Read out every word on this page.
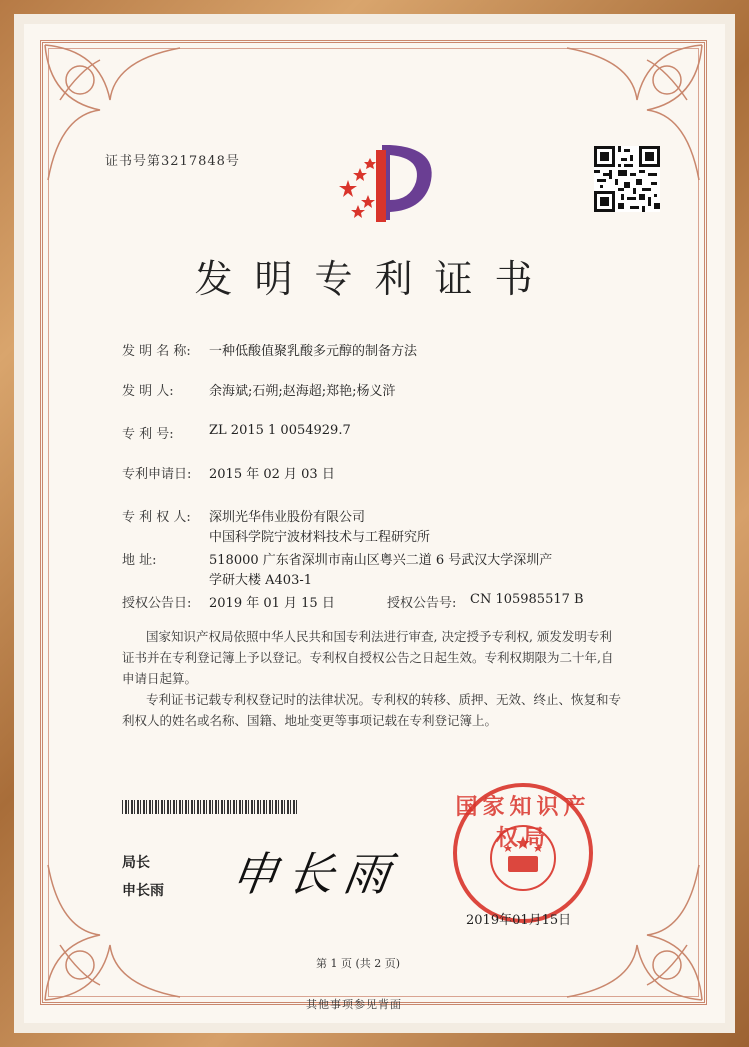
证书号第3217848号
发明专利证书
发 明 名 称: 一种低酸值聚乳酸多元醇的制备方法
发 明 人:	余海斌;石朔;赵海超;郑艳;杨义浒
专 利 号:	ZL 2015 1 0054929.7
专利申请日: 2015 年 02 月 03 日
专 利 权 人: 深圳光华伟业股份有限公司
中国科学院宁波材料技术与工程研究所
地 址:	518000 广东省深圳市南山区粤兴二道 6 号武汉大学深圳产
学研大楼 A403-1
授权公告日: 2019 年 01 月 15 日	授权公告号: CN 105985517 B
国家知识产权局依照中华人民共和国专利法进行审查, 决定授予专利权, 颁发发明专利
证书并在专利登记簿上予以登记。专利权自授权公告之日起生效。专利权期限为二十年,自
申请日起算。
专利证书记载专利权登记时的法律状况。专利权的转移、质押、无效、终止、恢复和专
利权人的姓名或名称、国籍、地址变更等事项记载在专利登记簿上。
局长
申长雨 申长雨
国家知识产权局
2019年01月15日
第 1 页 (共 2 页)
其他事项参见背面
